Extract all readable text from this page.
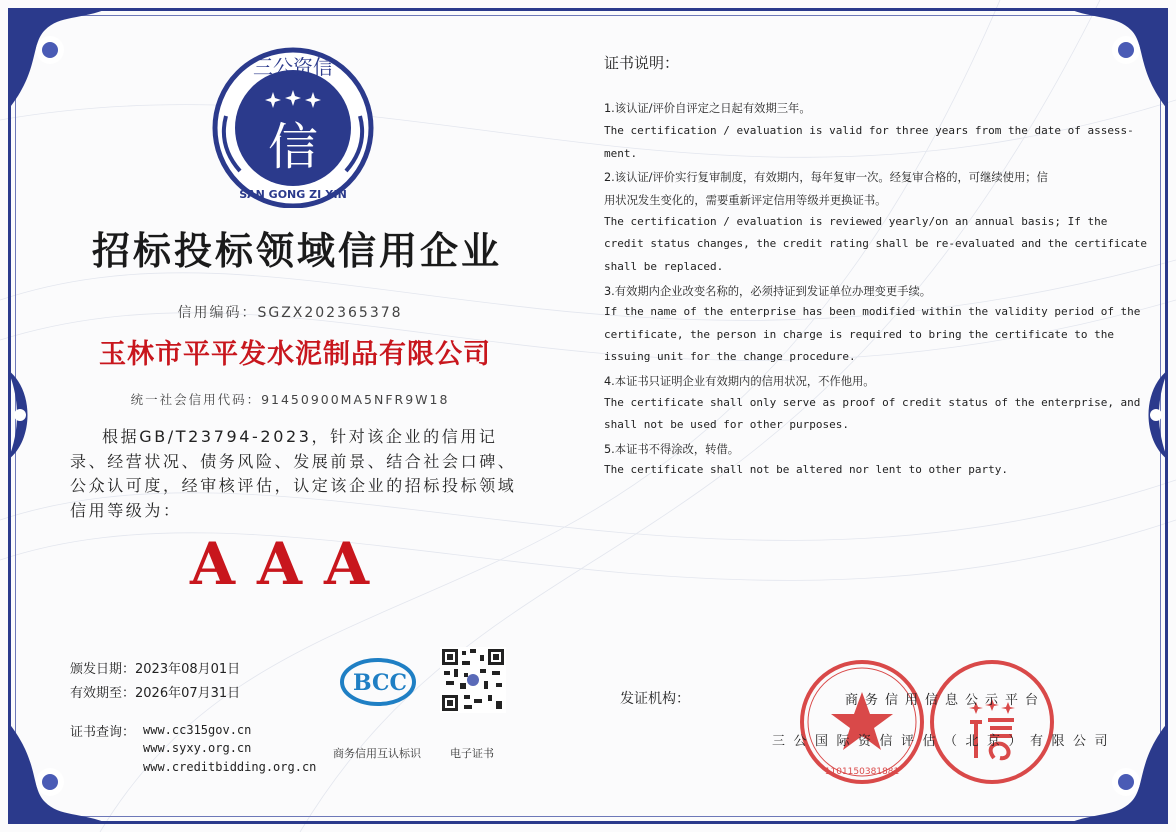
三公资信
SAN GONG ZI XIN
信
招标投标领域信用企业
信用编码：SGZX202365378
玉林市平平发水泥制品有限公司
统一社会信用代码：91450900MA5NFR9W18
根据GB/T23794-2023，针对该企业的信用记录、经营状况、债务风险、发展前景、结合社会口碑、公众认可度，经审核评估，认定该企业的招标投标领域信用等级为：
AAA
颁发日期：2023年08月01日
有效期至：2026年07月31日
证书查询： www.cc315gov.cn
www.syxy.org.cn
www.creditbidding.org.cn
BCC
商务信用互认标识	电子证书
证书说明：
1.该认证/评价自评定之日起有效期三年。
The certification / evaluation is valid for three years from the date of assess-
ment.
2.该认证/评价实行复审制度，有效期内，每年复审一次。经复审合格的，可继续使用；信
用状况发生变化的，需要重新评定信用等级并更换证书。
The certification / evaluation is reviewed yearly/on an annual basis; If the
credit status changes, the credit rating shall be re-evaluated and the certificate
shall be replaced.
3.有效期内企业改变名称的，必须持证到发证单位办理变更手续。
If the name of the enterprise has been modified within the validity period of the
certificate, the person in charge is required to bring the certificate to the
issuing unit for the change procedure.
4.本证书只证明企业有效期内的信用状况，不作他用。
The certificate shall only serve as proof of credit status of the enterprise, and
shall not be used for other purposes.
5.本证书不得涂改，转借。
The certificate shall not be altered nor lent to other party.
发证机构：
1101150381881
商务信用信息公示平台
三公国际资信评估（北京）有限公司
